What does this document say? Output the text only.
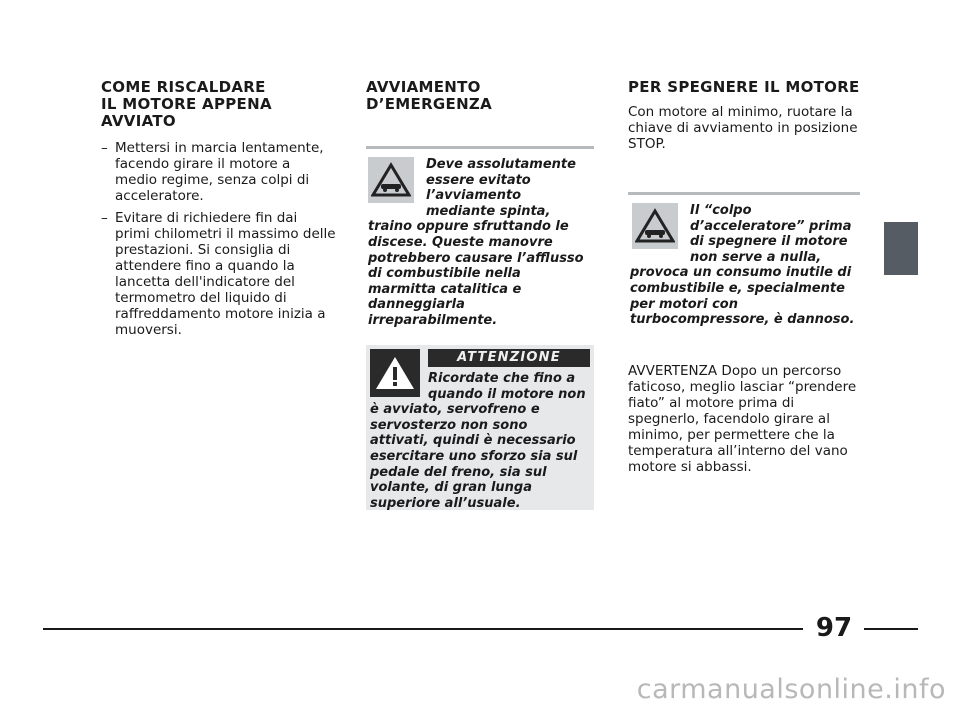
COME RISCALDARE
IL MOTORE APPENA
AVVIATO

– Mettersi in marcia lentamente, facendo girare il motore a medio regime, senza colpi di acceleratore.

– Evitare di richiedere fin dai primi chilometri il massimo delle prestazioni. Si consiglia di attendere fino a quando la lancetta dell'indicatore del termometro del liquido di raffreddamento motore inizia a muoversi.

AVVIAMENTO
D’EMERGENZA

Deve assolutamente essere evitato l’avviamento mediante spinta, traino oppure sfruttando le discese. Queste manovre potrebbero causare l’afflusso di combustibile nella marmitta catalitica e danneggiarla irreparabilmente.

ATTENZIONE

Ricordate che fino a quando il motore non è avviato, servofreno e servosterzo non sono attivati, quindi è necessario esercitare uno sforzo sia sul pedale del freno, sia sul volante, di gran lunga superiore all’usuale.

PER SPEGNERE IL MOTORE

Con motore al minimo, ruotare la chiave di avviamento in posizione STOP.

Il “colpo d’acceleratore” prima di spegnere il motore non serve a nulla, provoca un consumo inutile di combustibile e, specialmente per motori con turbocompressore, è dannoso.

AVVERTENZA Dopo un percorso faticoso, meglio lasciar “prendere fiato” al motore prima di spegnerlo, facendolo girare al minimo, per permettere che la temperatura all’interno del vano motore si abbassi.

97
carmanualsonline.info
